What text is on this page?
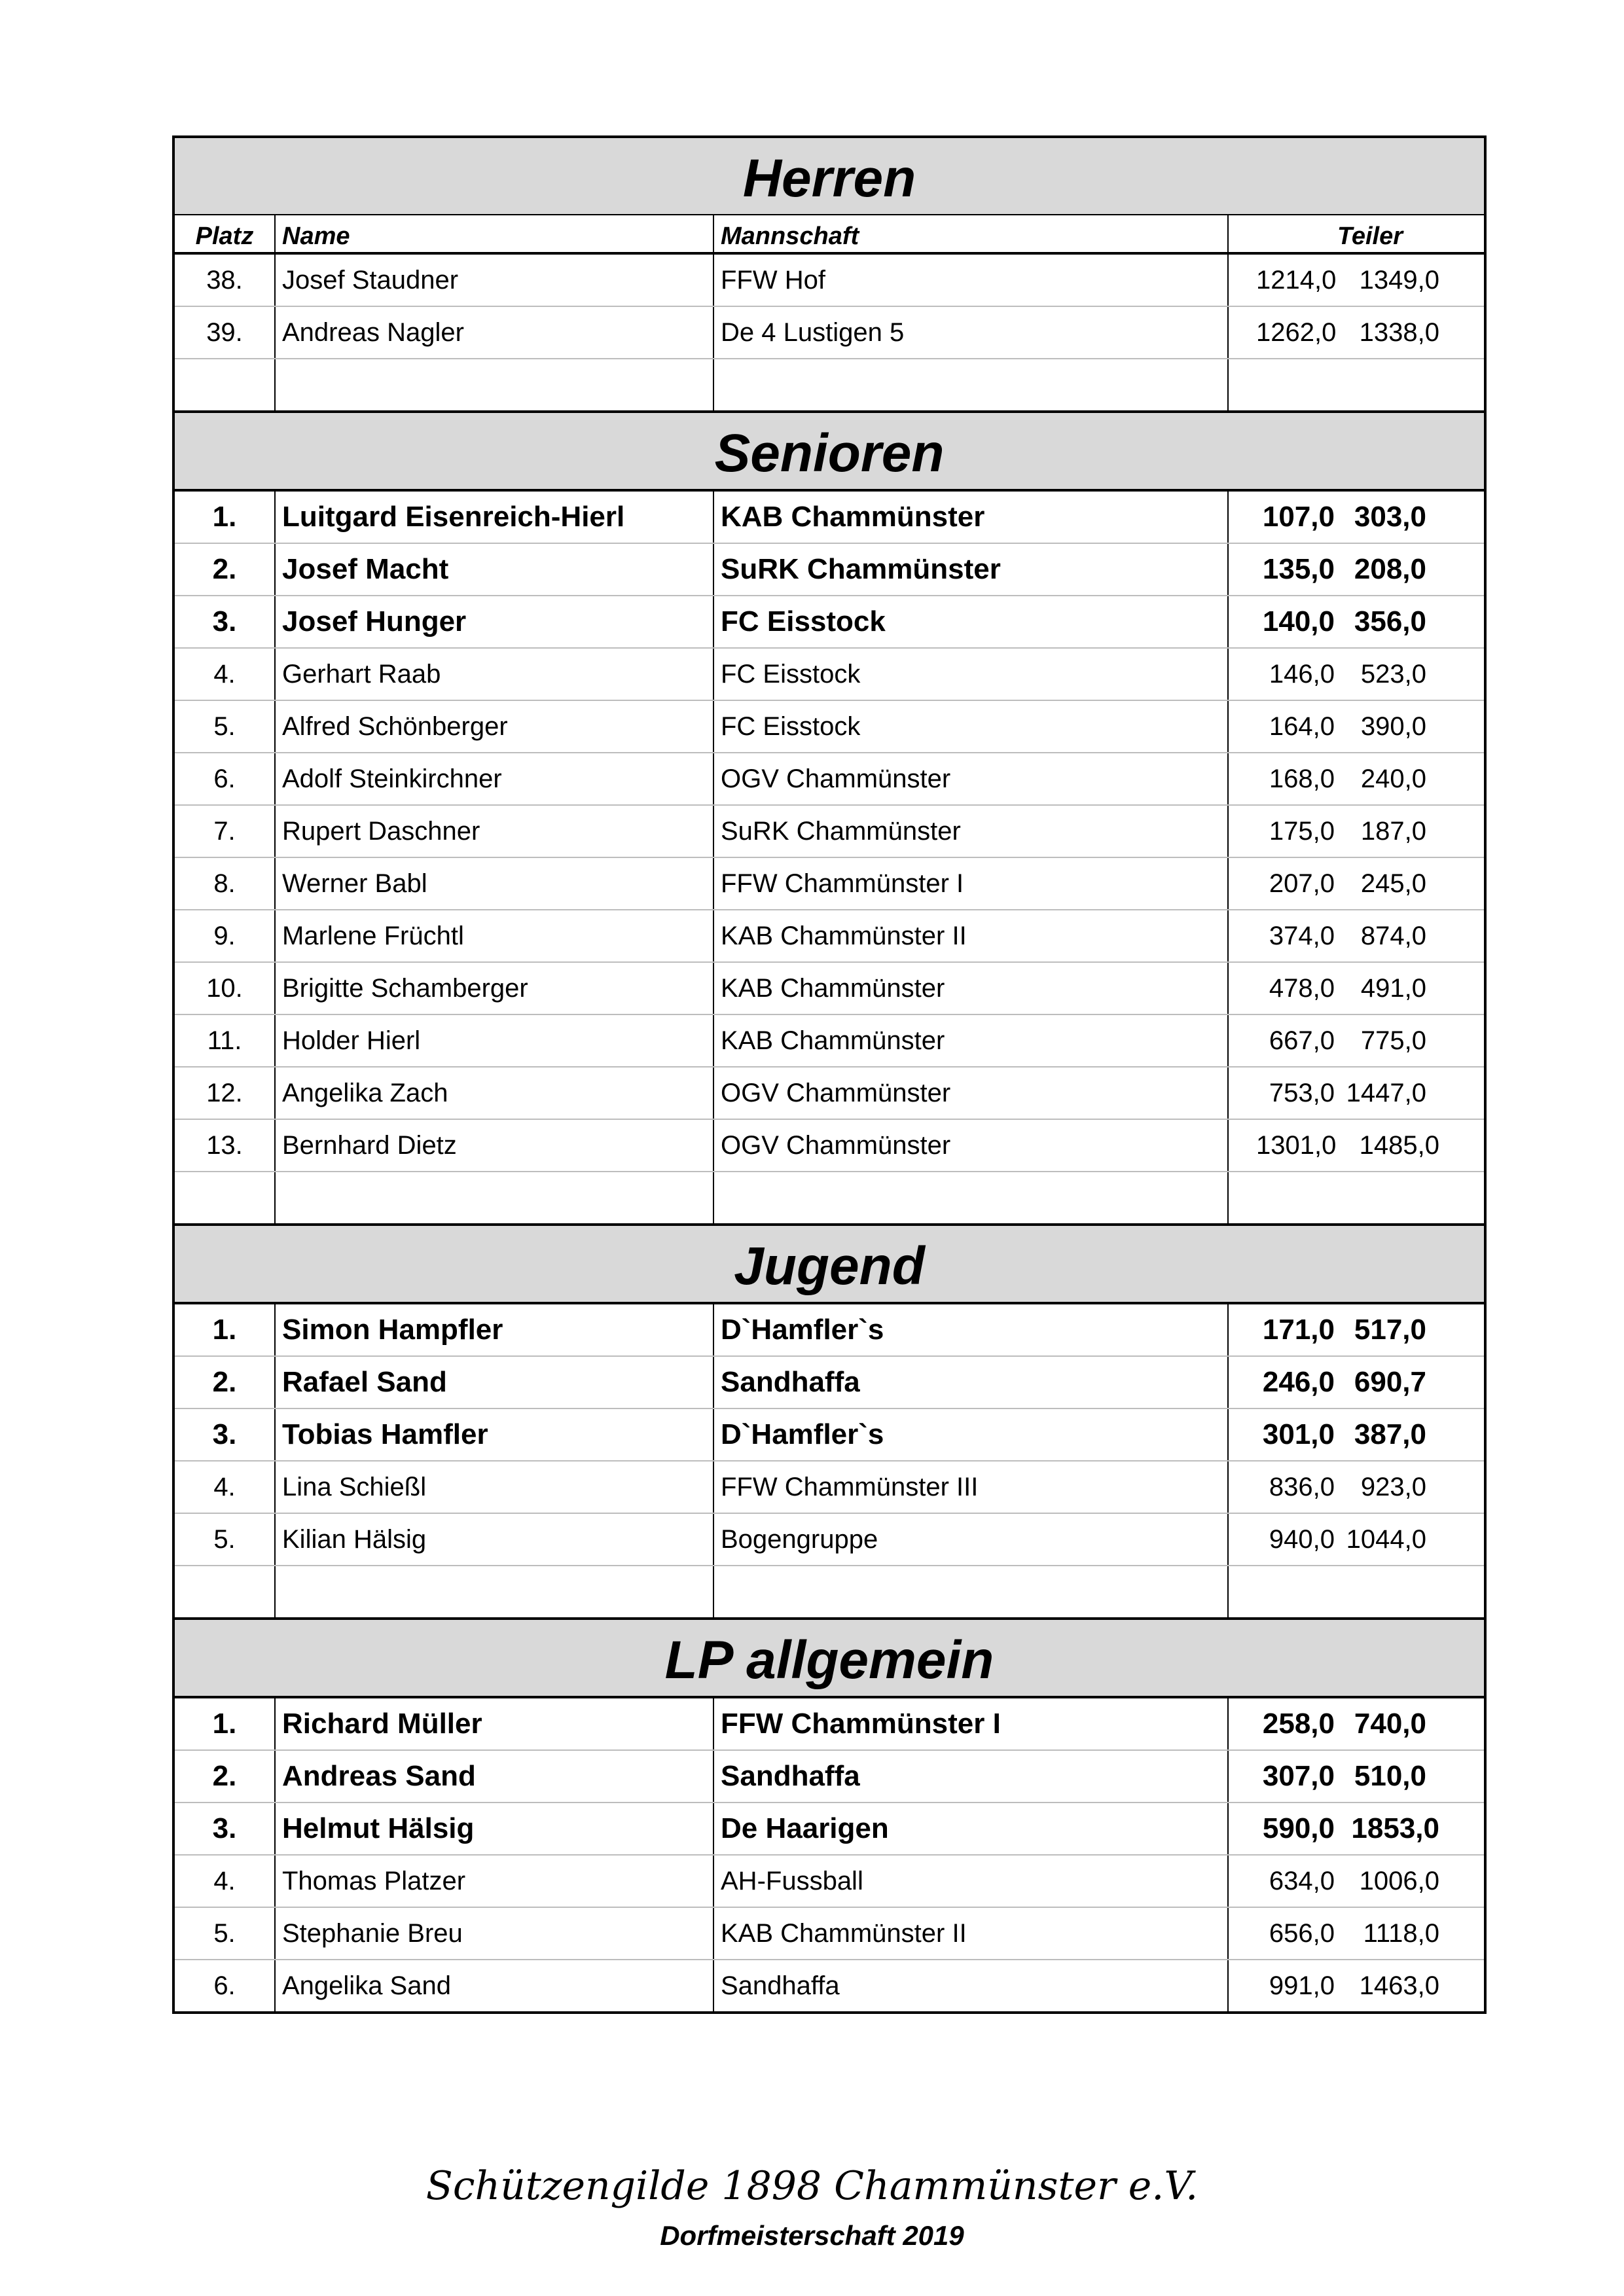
Herren			
Platz	Name	Mannschaft	Teiler
38.	Josef Staudner	FFW Hof	1214,0 1349,0
39.	Andreas Nagler	De 4 Lustigen 5	1262,0 1338,0

Senioren			
1.	Luitgard Eisenreich-Hierl	KAB Chammünster	107,0 303,0
2.	Josef Macht	SuRK Chammünster	135,0 208,0
3.	Josef Hunger	FC Eisstock	140,0 356,0
4.	Gerhart Raab	FC Eisstock	146,0 523,0
5.	Alfred Schönberger	FC Eisstock	164,0 390,0
6.	Adolf Steinkirchner	OGV Chammünster	168,0 240,0
7.	Rupert Daschner	SuRK Chammünster	175,0 187,0
8.	Werner Babl	FFW Chammünster I	207,0 245,0
9.	Marlene Früchtl	KAB Chammünster II	374,0 874,0
10.	Brigitte Schamberger	KAB Chammünster	478,0 491,0
11.	Holder Hierl	KAB Chammünster	667,0 775,0
12.	Angelika Zach	OGV Chammünster	753,0 1447,0
13.	Bernhard Dietz	OGV Chammünster	1301,0 1485,0

Jugend			
1.	Simon Hampfler	D`Hamfler`s	171,0 517,0
2.	Rafael Sand	Sandhaffa	246,0 690,7
3.	Tobias Hamfler	D`Hamfler`s	301,0 387,0
4.	Lina Schießl	FFW Chammünster III	836,0 923,0
5.	Kilian Hälsig	Bogengruppe	940,0 1044,0

LP allgemein			
1.	Richard Müller	FFW Chammünster I	258,0 740,0
2.	Andreas Sand	Sandhaffa	307,0 510,0
3.	Helmut Hälsig	De Haarigen	590,0 1853,0
4.	Thomas Platzer	AH-Fussball	634,0 1006,0
5.	Stephanie Breu	KAB Chammünster II	656,0 1118,0
6.	Angelika Sand	Sandhaffa	991,0 1463,0
Schützengilde 1898 Chammünster e.V.
Dorfmeisterschaft 2019
